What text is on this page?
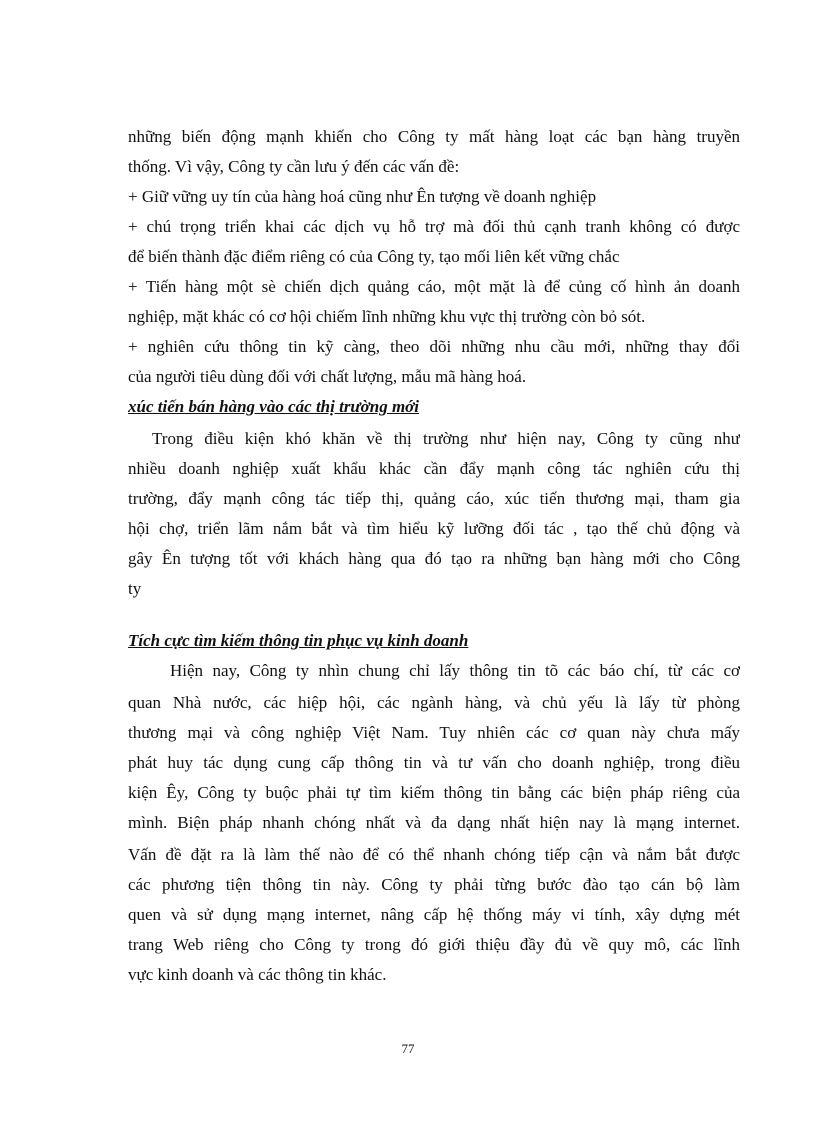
những biến động mạnh khiến cho Công ty mất hàng loạt các bạn hàng truyền
thống. Vì vậy, Công ty cần lưu ý đến các vấn đề:
+ Giữ vững uy tín của hàng hoá cũng như Ên tượng về doanh nghiệp
+ chú trọng triển khai các dịch vụ hỗ trợ mà đối thủ cạnh tranh không có được
để biến thành đặc điểm riêng có của Công ty, tạo mối liên kết vững chắc
+ Tiến hàng một sè chiến dịch quảng cáo, một mặt là để củng cố hình ản doanh
nghiệp, mặt khác có cơ hội chiếm lĩnh những khu vực thị trường còn bỏ sót.
+ nghiên cứu thông tin kỹ càng, theo dõi những nhu cầu mới, những thay đổi
của người tiêu dùng đối với chất lượng, mẫu mã hàng hoá.
xúc tiến bán hàng vào các thị trường mới
Trong điều kiện khó khăn về thị trường như hiện nay, Công ty cũng như
nhiều doanh nghiệp xuất khẩu khác cần đẩy mạnh công tác nghiên cứu thị
trường, đẩy mạnh công tác tiếp thị, quảng cáo, xúc tiến thương mại, tham gia
hội chợ, triển lãm nắm bắt và tìm hiểu kỹ lưỡng đối tác , tạo thế chủ động và
gây Ên tượng tốt với khách hàng qua đó tạo ra những bạn hàng mới cho Công
ty
Tích cực tìm kiếm thông tin phục vụ kinh doanh
Hiện nay, Công ty nhìn chung chỉ lấy thông tin tõ các báo chí, từ các cơ
quan Nhà nước, các hiệp hội, các ngành hàng, và chủ yếu là lấy từ phòng
thương mại và công nghiệp Việt Nam. Tuy nhiên các cơ quan này chưa mấy
phát huy tác dụng cung cấp thông tin và tư vấn cho doanh nghiệp, trong điều
kiện Êy, Công ty buộc phải tự tìm kiếm thông tin bằng các biện pháp riêng của
mình. Biện pháp nhanh chóng nhất và đa dạng nhất hiện nay là mạng internet.
Vấn đề đặt ra là làm thế nào để có thể nhanh chóng tiếp cận và nắm bắt được
các phương tiện thông tin này. Công ty phải từng bước đào tạo cán bộ làm
quen và sử dụng mạng internet, nâng cấp hệ thống máy vi tính, xây dựng mét
trang Web riêng cho Công ty trong đó giới thiệu đầy đủ về quy mô, các lĩnh
vực kinh doanh và các thông tin khác.
77
